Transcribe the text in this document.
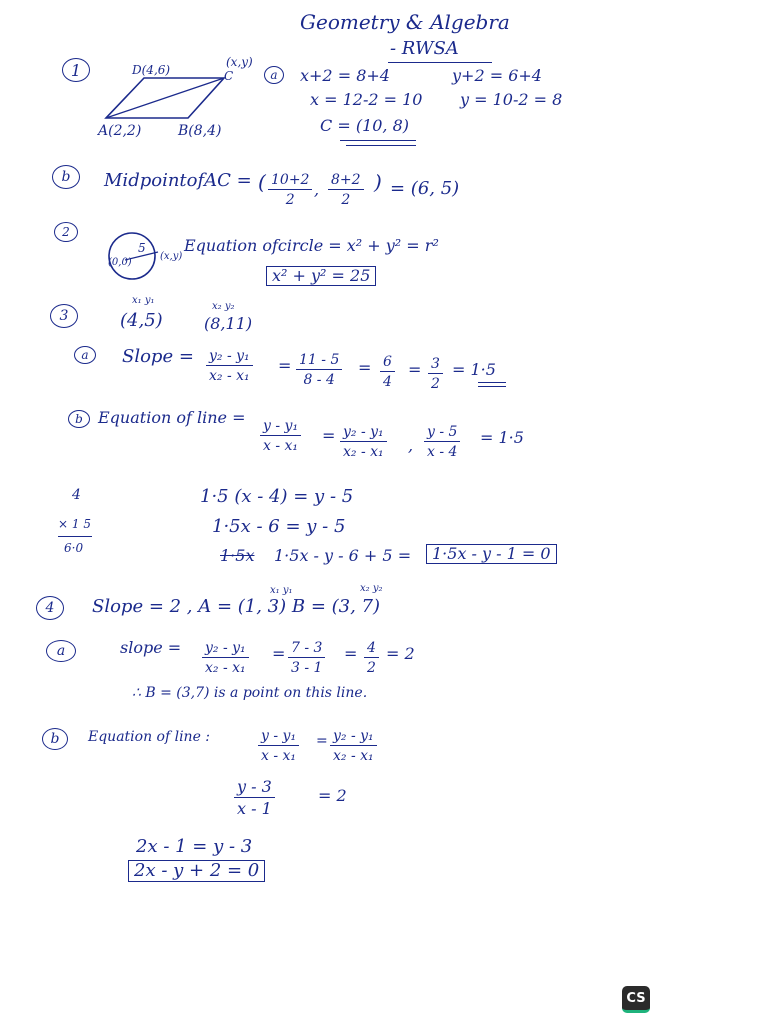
Geometry & Algebra
- RWSA
1	D(4,6)
(x,y)
C
A(2,2)	B(8,4)
a	x+2 = 8+4
x = 12-2 = 10
C = (10, 8)
y+2 = 6+4
y = 10-2 = 8
b	MidpointofAC = ( $\frac{10+2}{2}$ , $\frac{8+2}{2}$ ) = (6, 5)
2
5
(0,0)
(x,y)
Equation ofcircle = x² + y² = r²
x² + y² = 25
3
x₁ y₁
(4,5)
x₂ y₂
(8,11)
a	Slope = $\frac{\text{y₂ - y₁}}{\text{x₂ - x₁}} = \frac{11 - 5}{8 - 4} = \frac{6}{4} = \frac{3}{2} = 1\cdot 5$
b Equation of line =
$\frac{\text{y - y₁}}{\text{x - x₁}} = \frac{\text{y₂ - y₁}}{\text{x₂ - x₁}}$ , $\frac{y - 5}{x - 4} = 1\cdot 5$
4
× 1 5
6·0
1·5 (x - 4) = y - 5
1·5x - 6 = y - 5
1·5x 1·5x - y - 6 + 5 =	1·5x - y - 1 = 0
4
x₁ y₁	x₂ y₂
Slope = 2 , A = (1, 3) B = (3, 7)
a	slope = $\frac{\text{y₂ - y₁}}{\text{x₂ - x₁}} = \frac{7 - 3}{3 - 1} = \frac{4}{2} = 2$
∴ B = (3,7) is a point on this line.
b	Equation of line :	$\frac{\text{y - y₁}}{\text{x - x₁}} = \frac{\text{y₂ - y₁}}{\text{x₂ - x₁}}$
$\frac{y - 3}{x - 1}$	= 2
2x - 1 = y - 3
2x - y + 2 = 0
CS
